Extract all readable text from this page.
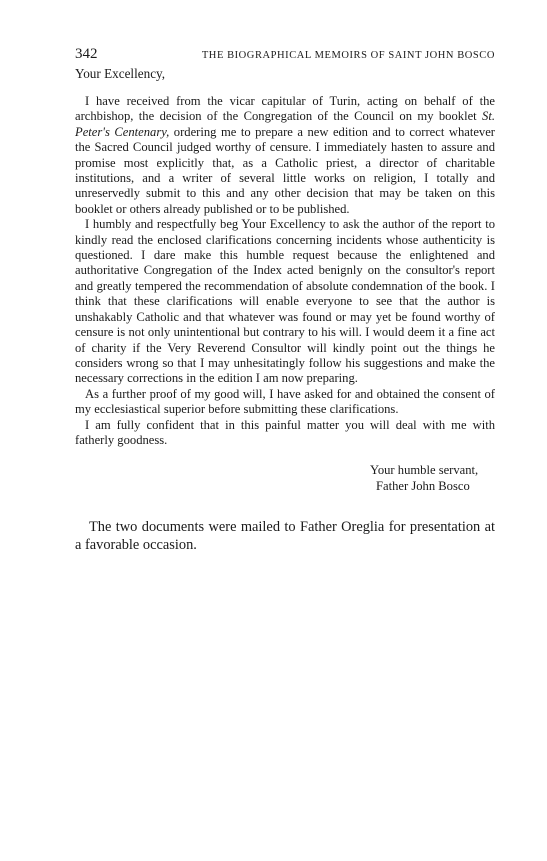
342	THE BIOGRAPHICAL MEMOIRS OF SAINT JOHN BOSCO

Your Excellency,

I have received from the vicar capitular of Turin, acting on behalf of the archbishop, the decision of the Congregation of the Council on my booklet St. Peter's Centenary, ordering me to prepare a new edition and to correct whatever the Sacred Council judged worthy of censure. I immediately hasten to assure and promise most explicitly that, as a Catholic priest, a director of charitable institutions, and a writer of several little works on religion, I totally and unreservedly submit to this and any other decision that may be taken on this booklet or others already published or to be published.

I humbly and respectfully beg Your Excellency to ask the author of the report to kindly read the enclosed clarifications concerning incidents whose authenticity is questioned. I dare make this humble request because the enlightened and authoritative Congregation of the Index acted benignly on the consultor's report and greatly tempered the recommendation of absolute condemnation of the book. I think that these clarifications will enable everyone to see that the author is unshakably Catholic and that whatever was found or may yet be found worthy of censure is not only unintentional but contrary to his will. I would deem it a fine act of charity if the Very Reverend Consultor will kindly point out the things he considers wrong so that I may unhesitatingly follow his suggestions and make the necessary corrections in the edition I am now preparing.

As a further proof of my good will, I have asked for and obtained the consent of my ecclesiastical superior before submitting these clarifications.

I am fully confident that in this painful matter you will deal with me with fatherly goodness.

Your humble servant,
Father John Bosco

The two documents were mailed to Father Oreglia for presentation at a favorable occasion.
